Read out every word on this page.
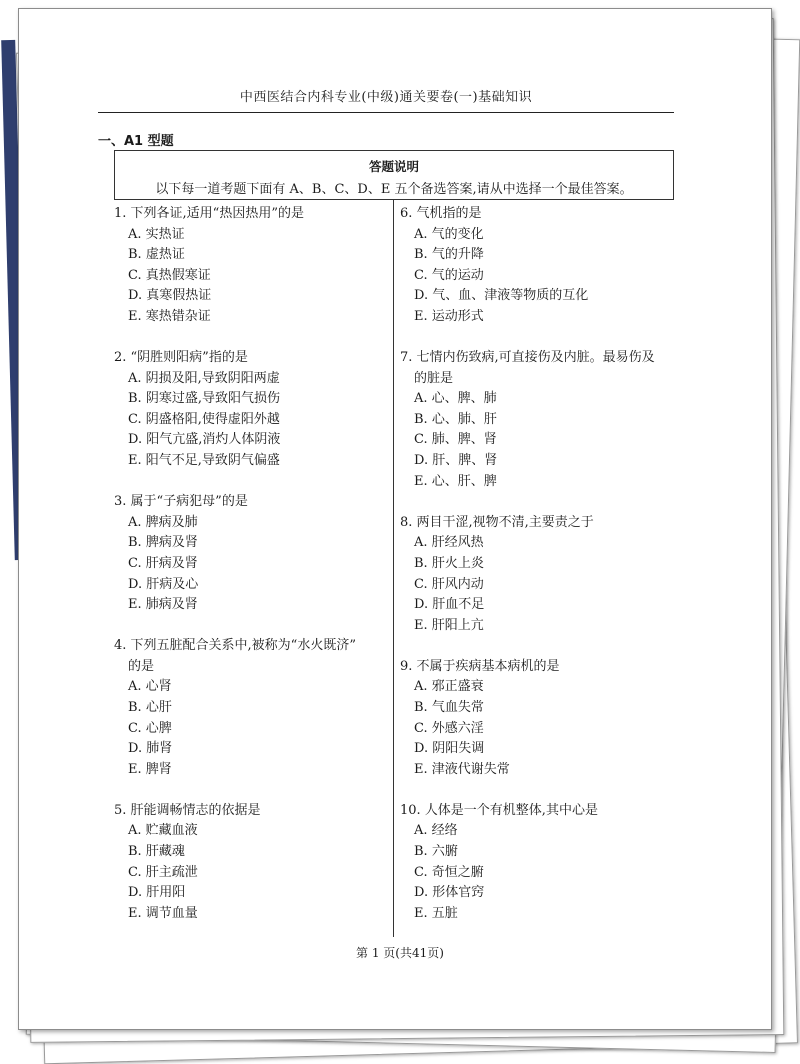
中西医结合内科专业(中级)通关要卷(一)基础知识
一、A1 型题
答题说明
以下每一道考题下面有 A、B、C、D、E 五个备选答案,请从中选择一个最佳答案。
1. 下列各证,适用“热因热用”的是
A. 实热证
B. 虚热证
C. 真热假寒证
D. 真寒假热证
E. 寒热错杂证
2. “阴胜则阳病”指的是
A. 阴损及阳,导致阴阳两虚
B. 阴寒过盛,导致阳气损伤
C. 阴盛格阳,使得虚阳外越
D. 阳气亢盛,消灼人体阴液
E. 阳气不足,导致阴气偏盛
3. 属于“子病犯母”的是
A. 脾病及肺
B. 脾病及肾
C. 肝病及肾
D. 肝病及心
E. 肺病及肾
4. 下列五脏配合关系中,被称为“水火既济”
的是
A. 心肾
B. 心肝
C. 心脾
D. 肺肾
E. 脾肾
5. 肝能调畅情志的依据是
A. 贮藏血液
B. 肝藏魂
C. 肝主疏泄
D. 肝用阳
E. 调节血量
6. 气机指的是
A. 气的变化
B. 气的升降
C. 气的运动
D. 气、血、津液等物质的互化
E. 运动形式
7. 七情内伤致病,可直接伤及内脏。最易伤及
的脏是
A. 心、脾、肺
B. 心、肺、肝
C. 肺、脾、肾
D. 肝、脾、肾
E. 心、肝、脾
8. 两目干涩,视物不清,主要责之于
A. 肝经风热
B. 肝火上炎
C. 肝风内动
D. 肝血不足
E. 肝阳上亢
9. 不属于疾病基本病机的是
A. 邪正盛衰
B. 气血失常
C. 外感六淫
D. 阴阳失调
E. 津液代谢失常
10. 人体是一个有机整体,其中心是
A. 经络
B. 六腑
C. 奇恒之腑
D. 形体官窍
E. 五脏
第 1 页(共41页)
